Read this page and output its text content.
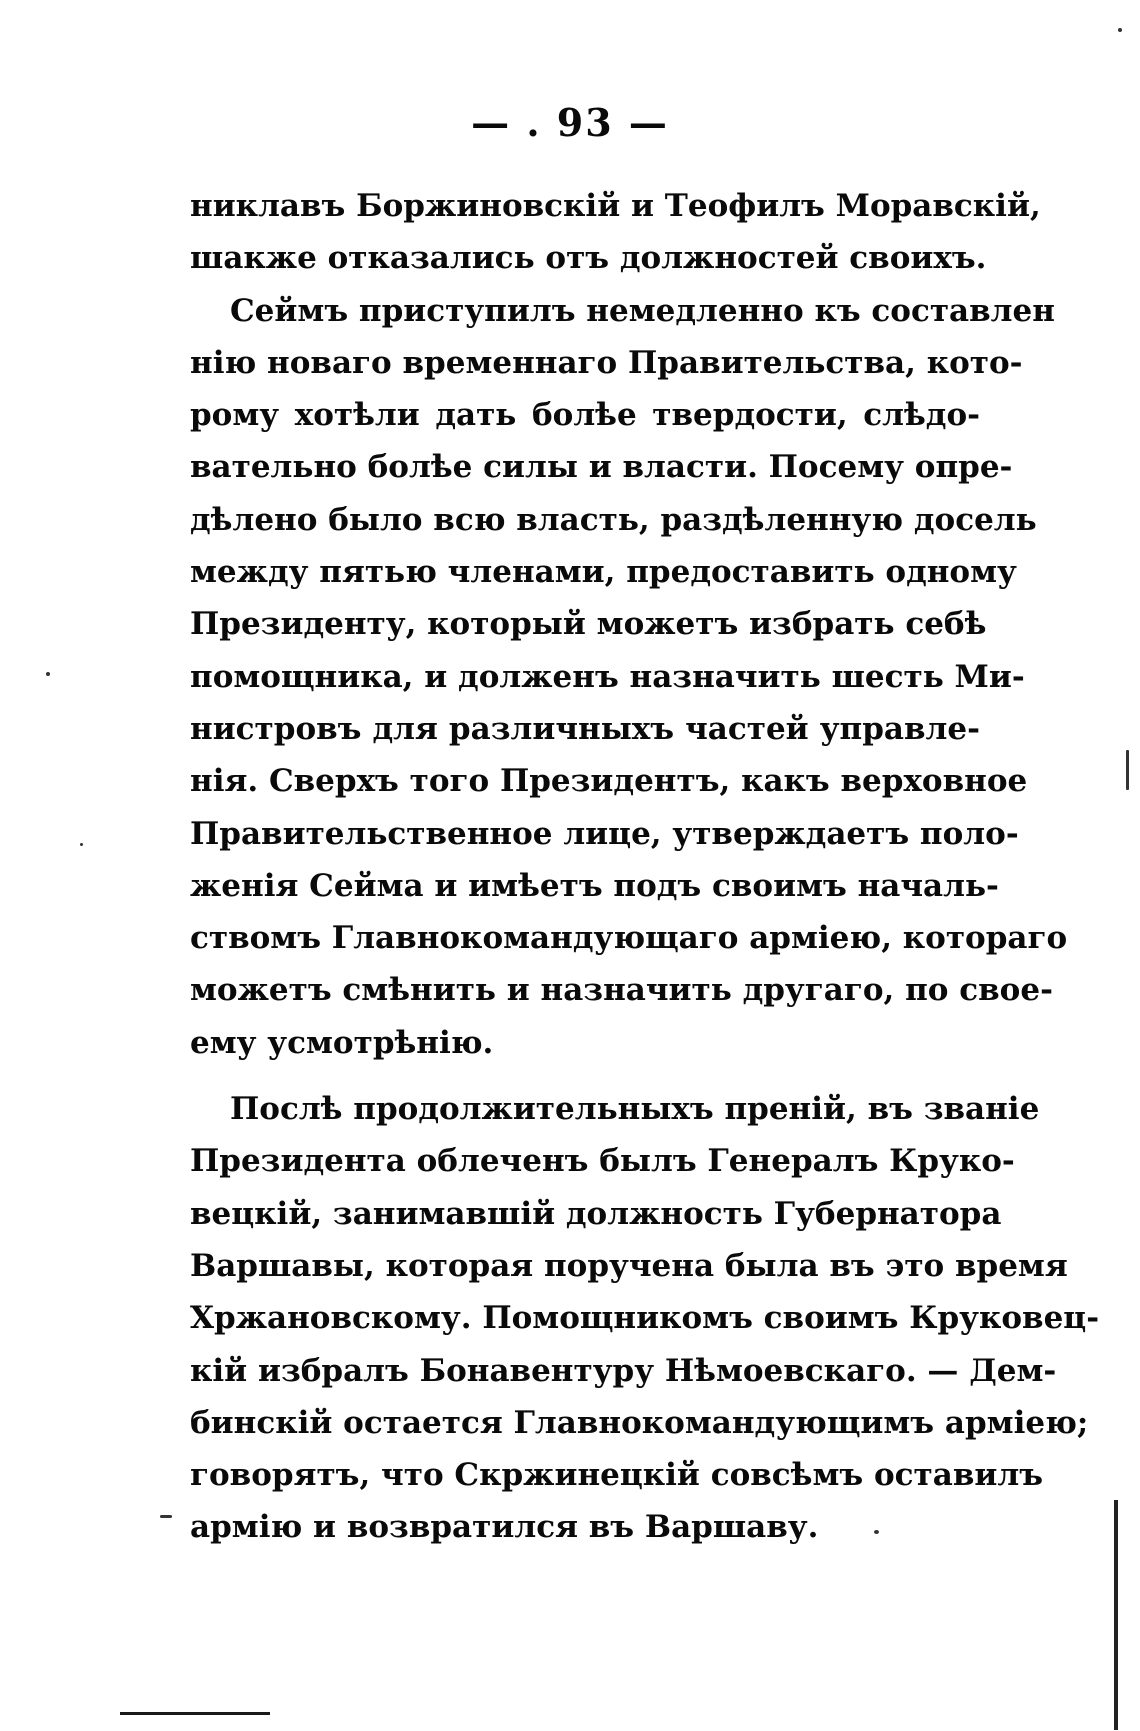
— . 93 —
никлавъ Боржиновскій и Теофилъ Моравскій,
шакже отказались отъ должностей своихъ.
Сеймъ приступилъ немедленно къ составлен
нію новаго временнаго Правительства, кото-
рому хотѣли дать болѣе твердости, слѣдо-
вательно болѣе силы и власти. Посему опре-
дѣлено было всю власть, раздѣленную досель
между пятью членами, предоставить одному
Президенту, который можетъ избрать себѣ
помощника, и долженъ назначить шесть Ми-
нистровъ для различныхъ частей управле-
нія. Сверхъ того Президентъ, какъ верховное
Правительственное лице, утверждаетъ поло-
женія Сейма и имѣетъ подъ своимъ началь-
ствомъ Главнокомандующаго арміею, котораго
можетъ смѣнить и назначить другаго, по свое-
ему усмотрѣнію.
Послѣ продолжительныхъ преній, въ званіе
Президента облеченъ былъ Генералъ Круко-
вецкій, занимавшій должность Губернатора
Варшавы, которая поручена была въ это время
Хржановскому. Помощникомъ своимъ Круковец-
кій избралъ Бонавентуру Нѣмоевскаго. — Дем-
бинскій остается Главнокомандующимъ арміею;
говорятъ, что Скржинецкій совсѣмъ оставилъ
армію и возвратился въ Варшаву.
